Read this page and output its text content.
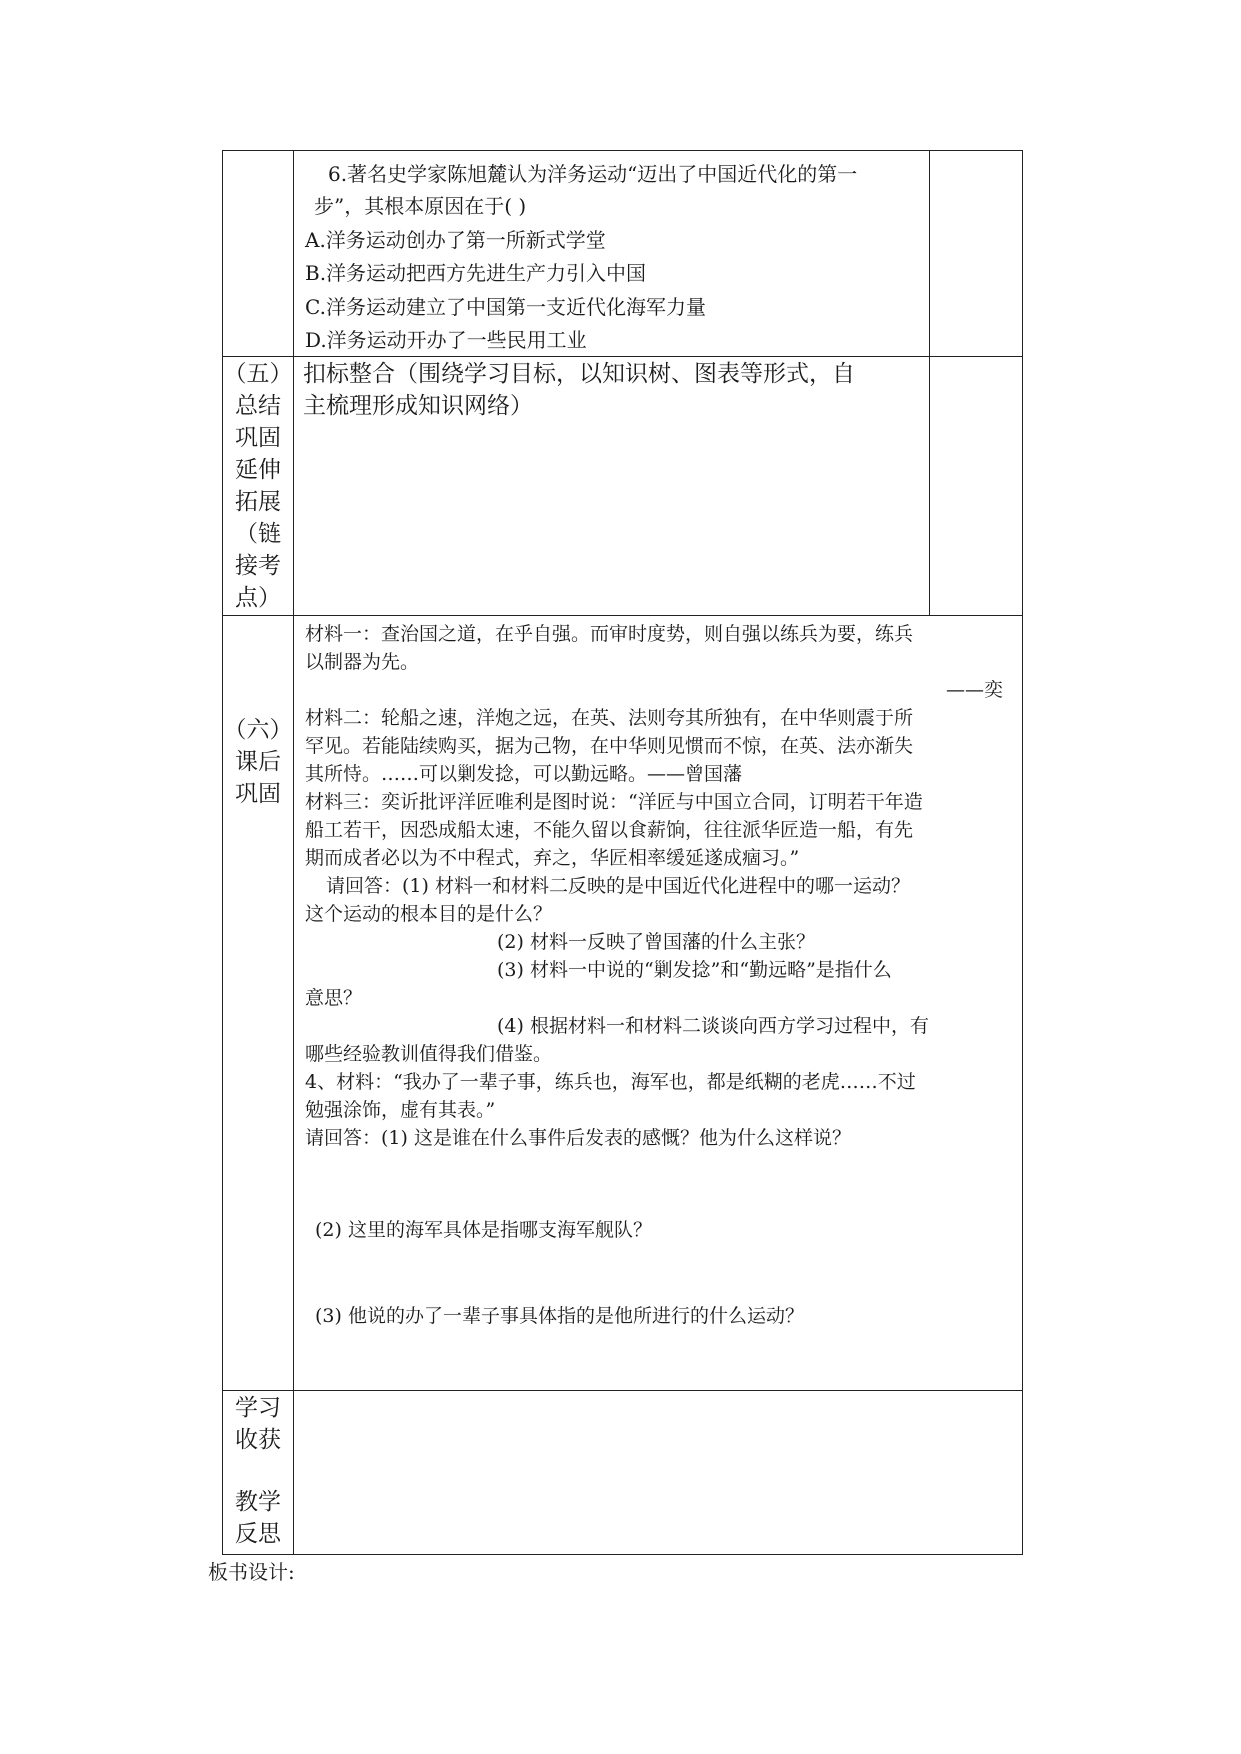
6.著名史学家陈旭麓认为洋务运动“迈出了中国近代化的第一
步”，其根本原因在于( )
A.洋务运动创办了第一所新式学堂
B.洋务运动把西方先进生产力引入中国
C.洋务运动建立了中国第一支近代化海军力量
D.洋务运动开办了一些民用工业
（五）
总结
巩固
延伸
拓展
（链
接考
点）
扣标整合（围绕学习目标，以知识树、图表等形式，自
主梳理形成知识网络）
（六）
课后
巩固
材料一：查治国之道，在乎自强。而审时度势，则自强以练兵为要，练兵
以制器为先。
——奕
材料二：轮船之速，洋炮之远，在英、法则夸其所独有，在中华则震于所
罕见。若能陆续购买，据为己物，在中华则见惯而不惊，在英、法亦渐失
其所恃。……可以剿发捻，可以勤远略。——曾国藩
材料三：奕䜣批评洋匠唯利是图时说：“洋匠与中国立合同，订明若干年造
船工若干，因恐成船太速，不能久留以食薪饷，往往派华匠造一船，有先
期而成者必以为不中程式，弃之，华匠相率缓延遂成痼习。”
请回答：(1) 材料一和材料二反映的是中国近代化进程中的哪一运动？
这个运动的根本目的是什么？
(2) 材料一反映了曾国藩的什么主张？
(3) 材料一中说的“剿发捻”和“勤远略”是指什么
意思？
(4) 根据材料一和材料二谈谈向西方学习过程中，有
哪些经验教训值得我们借鉴。
4、材料：“我办了一辈子事，练兵也，海军也，都是纸糊的老虎……不过
勉强涂饰，虚有其表。”
请回答：(1) 这是谁在什么事件后发表的感慨？他为什么这样说？
(2) 这里的海军具体是指哪支海军舰队？
(3) 他说的办了一辈子事具体指的是他所进行的什么运动？
学习
收获
教学
反思
板书设计:
